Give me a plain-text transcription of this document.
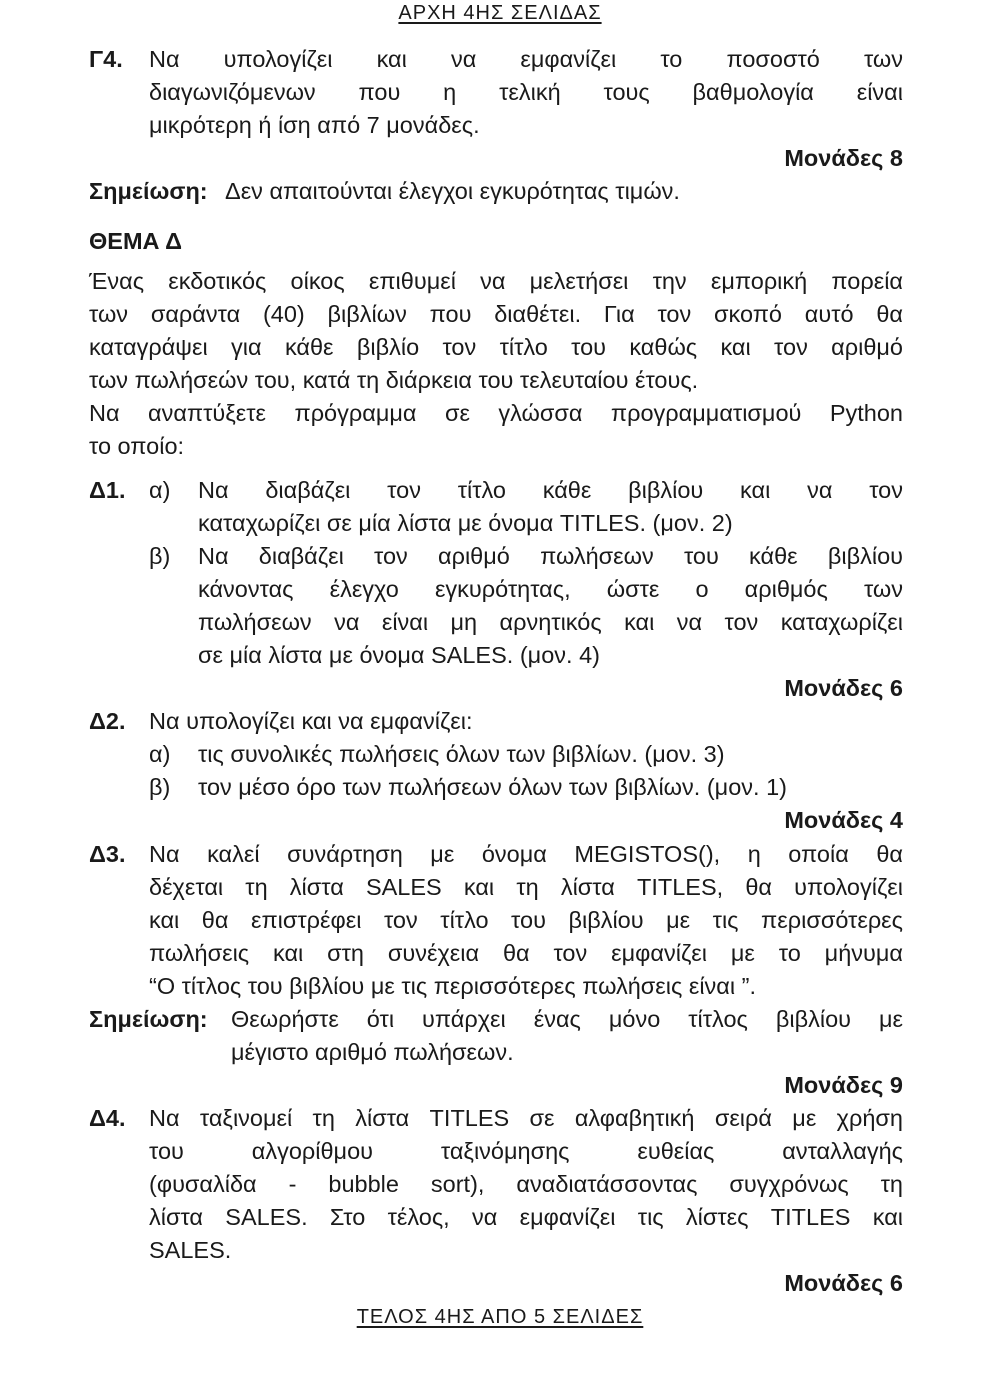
ΑΡΧΗ 4ΗΣ ΣΕΛΙΔΑΣ
Γ4. Να υπολογίζει και να εμφανίζει το ποσοστό των
διαγωνιζόμενων που η τελική τους βαθμολογία είναι
μικρότερη ή ίση από 7 μονάδες.
Μονάδες 8
Σημείωση: Δεν απαιτούνται έλεγχοι εγκυρότητας τιμών.
ΘΕΜΑ Δ
Ένας εκδοτικός οίκος επιθυμεί να μελετήσει την εμπορική πορεία
των σαράντα (40) βιβλίων που διαθέτει. Για τον σκοπό αυτό θα
καταγράψει για κάθε βιβλίο τον τίτλο του καθώς και τον αριθμό
των πωλήσεών του, κατά τη διάρκεια του τελευταίου έτους.
Να αναπτύξετε πρόγραμμα σε γλώσσα προγραμματισμού Python
το οποίο:
Δ1. α) Να διαβάζει τον τίτλο κάθε βιβλίου και να τον
καταχωρίζει σε μία λίστα με όνομα TITLES. (μον. 2)
β) Να διαβάζει τον αριθμό πωλήσεων του κάθε βιβλίου
κάνοντας έλεγχο εγκυρότητας, ώστε ο αριθμός των
πωλήσεων να είναι μη αρνητικός και να τον καταχωρίζει
σε μία λίστα με όνομα SALES. (μον. 4)
Μονάδες 6
Δ2. Να υπολογίζει και να εμφανίζει:
α) τις συνολικές πωλήσεις όλων των βιβλίων. (μον. 3)
β) τον μέσο όρο των πωλήσεων όλων των βιβλίων. (μον. 1)
Μονάδες 4
Δ3. Να καλεί συνάρτηση με όνομα MEGISTOS(), η οποία θα
δέχεται τη λίστα SALES και τη λίστα TITLES, θα υπολογίζει
και θα επιστρέφει τον τίτλο του βιβλίου με τις περισσότερες
πωλήσεις και στη συνέχεια θα τον εμφανίζει με το μήνυμα
“Ο τίτλος του βιβλίου με τις περισσότερες πωλήσεις είναι ”.
Σημείωση: Θεωρήστε ότι υπάρχει ένας μόνο τίτλος βιβλίου με
μέγιστο αριθμό πωλήσεων.
Μονάδες 9
Δ4. Να ταξινομεί τη λίστα TITLES σε αλφαβητική σειρά με χρήση
του αλγορίθμου ταξινόμησης ευθείας ανταλλαγής
(φυσαλίδα - bubble sort), αναδιατάσσοντας συγχρόνως τη
λίστα SALES. Στο τέλος, να εμφανίζει τις λίστες TITLES και
SALES.
Μονάδες 6
ΤΕΛΟΣ 4ΗΣ ΑΠΟ 5 ΣΕΛΙΔΕΣ
